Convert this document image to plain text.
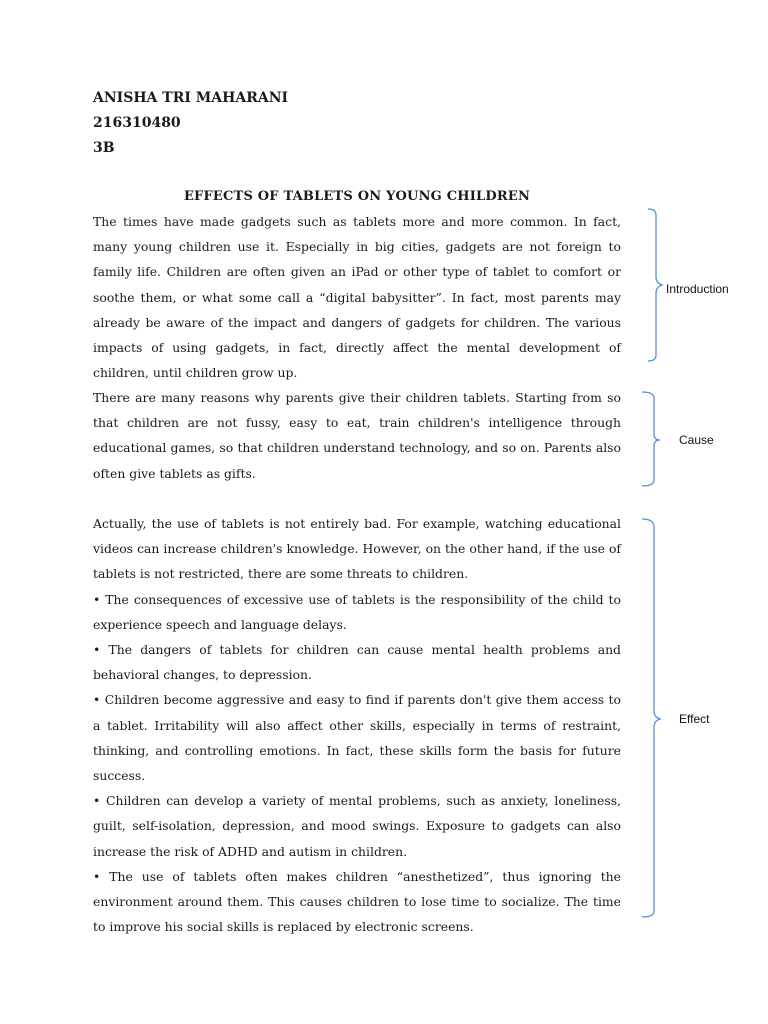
ANISHA TRI MAHARANI
216310480
3B
EFFECTS OF TABLETS ON YOUNG CHILDREN

The times have made gadgets such as tablets more and more common. In fact, many young children use it. Especially in big cities, gadgets are not foreign to family life. Children are often given an iPad or other type of tablet to comfort or soothe them, or what some call a “digital babysitter”. In fact, most parents may already be aware of the impact and dangers of gadgets for children. The various impacts of using gadgets, in fact, directly affect the mental development of children, until children grow up.

There are many reasons why parents give their children tablets. Starting from so that children are not fussy, easy to eat, train children's intelligence through educational games, so that children understand technology, and so on. Parents also often give tablets as gifts.

Actually, the use of tablets is not entirely bad. For example, watching educational videos can increase children's knowledge. However, on the other hand, if the use of tablets is not restricted, there are some threats to children.

• The consequences of excessive use of tablets is the responsibility of the child to experience speech and language delays.

• The dangers of tablets for children can cause mental health problems and behavioral changes, to depression.

• Children become aggressive and easy to find if parents don't give them access to a tablet. Irritability will also affect other skills, especially in terms of restraint, thinking, and controlling emotions. In fact, these skills form the basis for future success.

• Children can develop a variety of mental problems, such as anxiety, loneliness, guilt, self-isolation, depression, and mood swings. Exposure to gadgets can also increase the risk of ADHD and autism in children.

• The use of tablets often makes children “anesthetized”, thus ignoring the environment around them. This causes children to lose time to socialize. The time to improve his social skills is replaced by electronic screens.

Introduction
Cause
Effect
